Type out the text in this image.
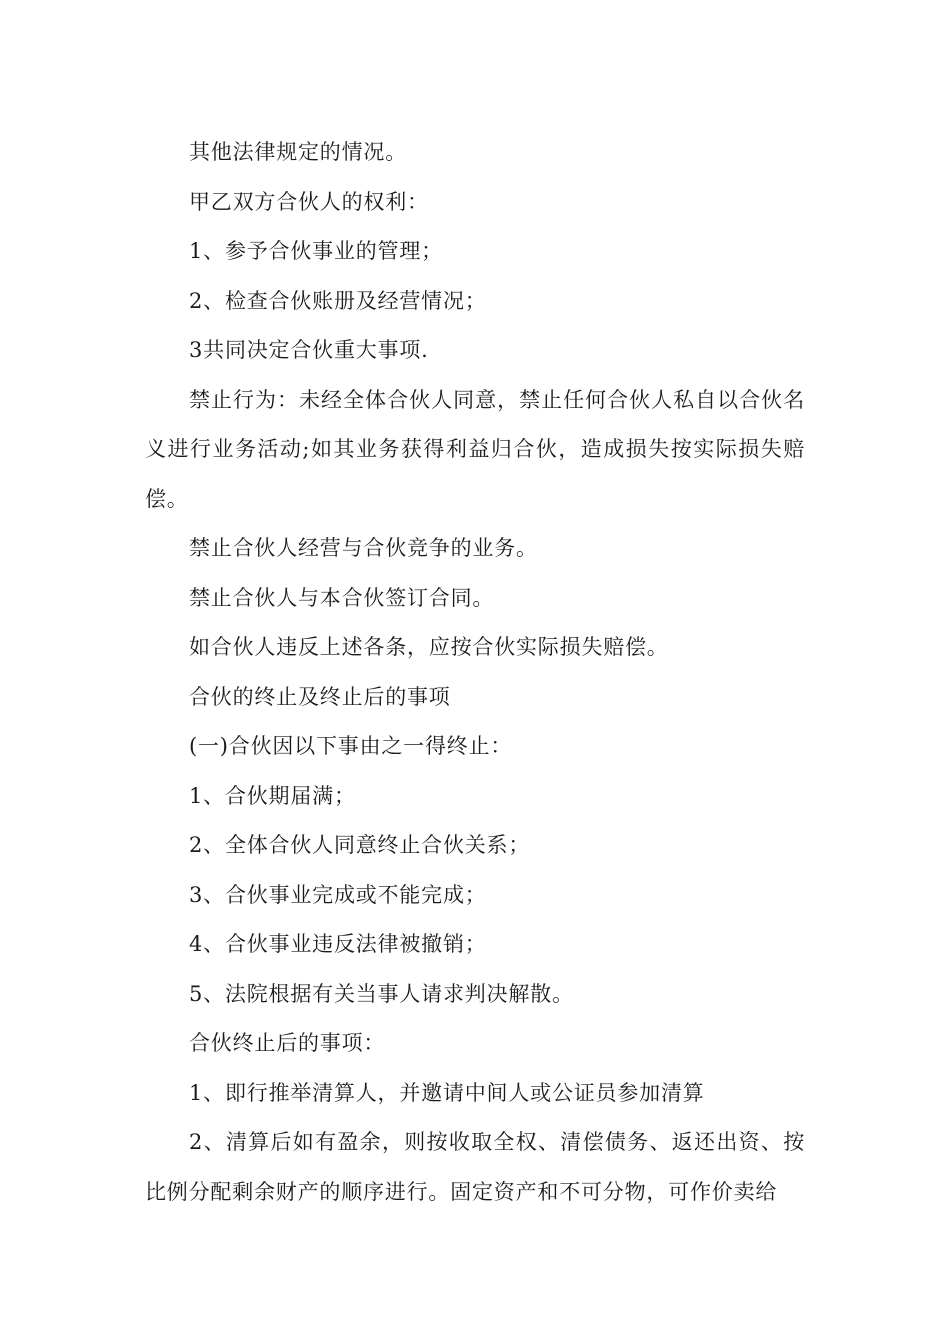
其他法律规定的情况。

甲乙双方合伙人的权利：

1、参予合伙事业的管理；

2、检查合伙账册及经营情况；

3共同决定合伙重大事项.

禁止行为：未经全体合伙人同意，禁止任何合伙人私自以合伙名义进行业务活动;如其业务获得利益归合伙，造成损失按实际损失赔偿。

禁止合伙人经营与合伙竞争的业务。

禁止合伙人与本合伙签订合同。

如合伙人违反上述各条，应按合伙实际损失赔偿。

合伙的终止及终止后的事项

(一)合伙因以下事由之一得终止：

1、合伙期届满；

2、全体合伙人同意终止合伙关系；

3、合伙事业完成或不能完成；

4、合伙事业违反法律被撤销；

5、法院根据有关当事人请求判决解散。

合伙终止后的事项：

1、即行推举清算人，并邀请中间人或公证员参加清算

2、清算后如有盈余，则按收取全权、清偿债务、返还出资、按比例分配剩余财产的顺序进行。固定资产和不可分物，可作价卖给
